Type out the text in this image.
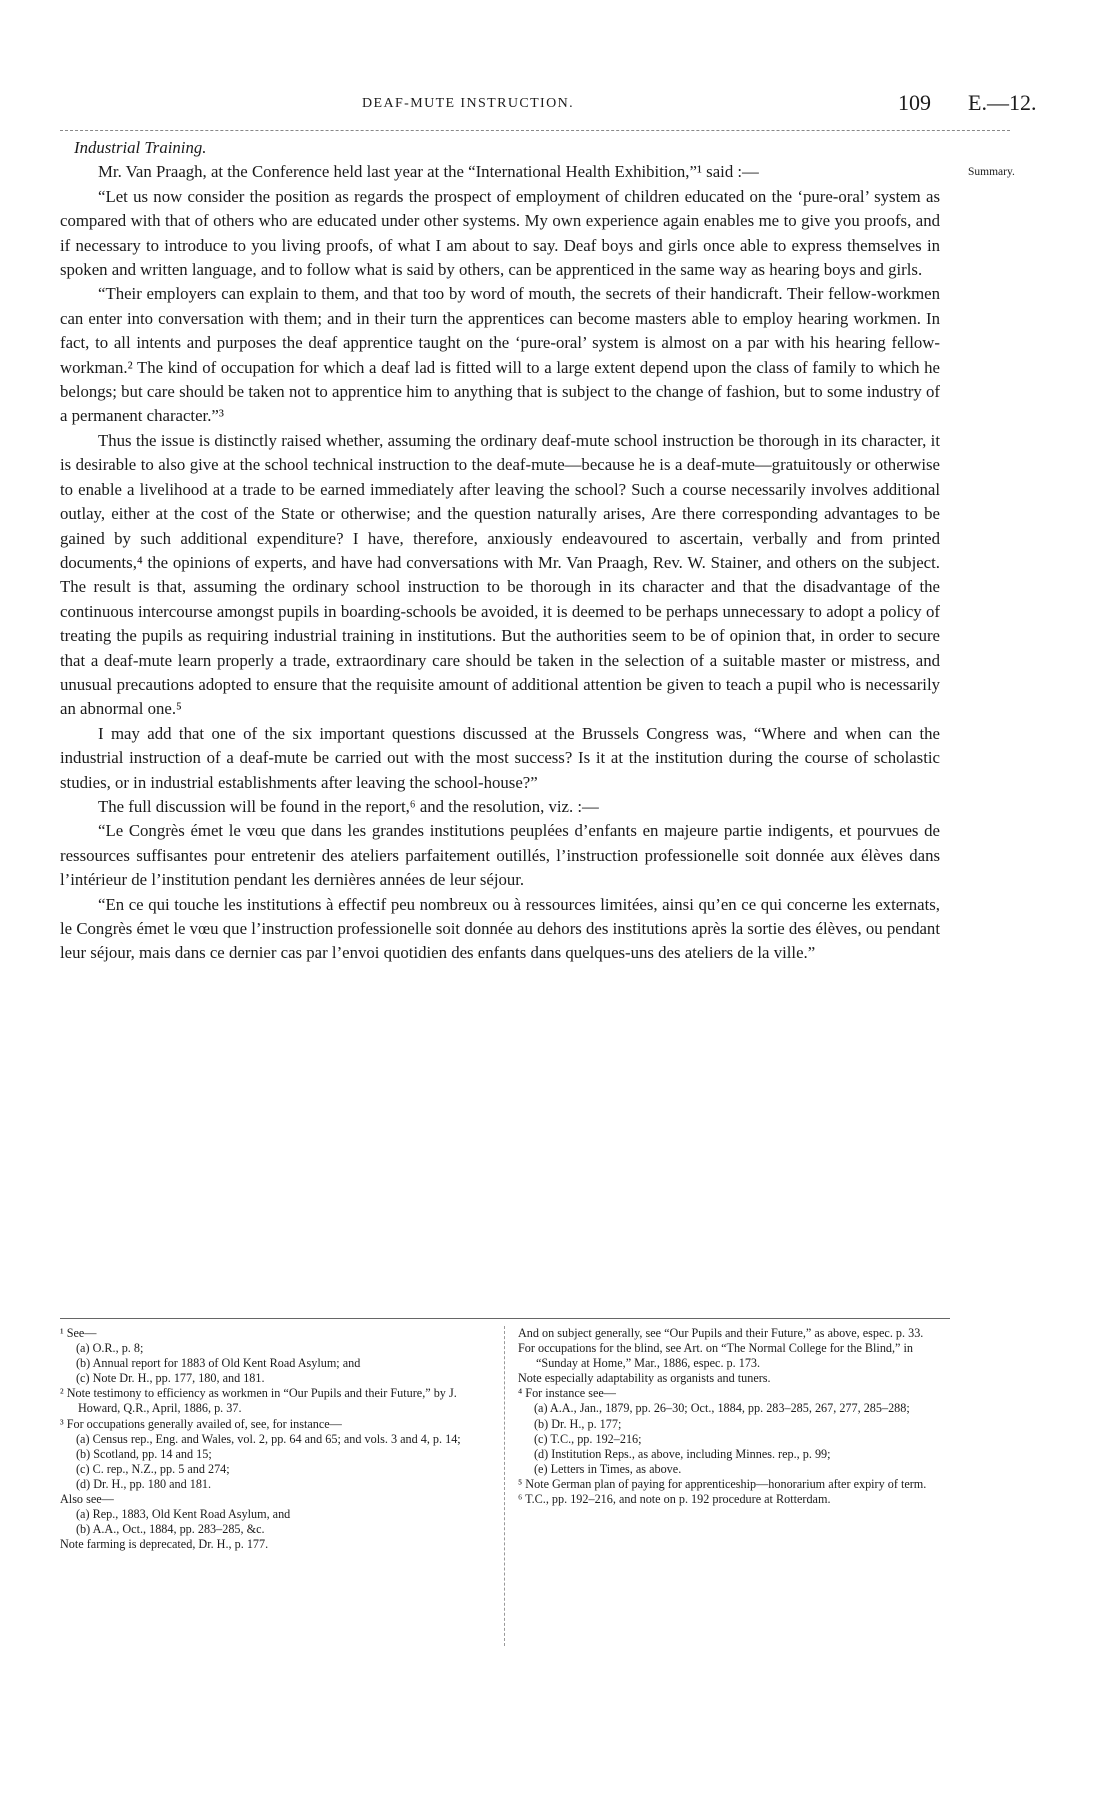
DEAF-MUTE INSTRUCTION.	109 E.—12.
Summary.

Industrial Training.

Mr. Van Praagh, at the Conference held last year at the “International Health Exhibition,”¹ said :—

“Let us now consider the position as regards the prospect of employment of children educated on the ‘pure-oral’ system as compared with that of others who are educated under other systems. My own experience again enables me to give you proofs, and if necessary to introduce to you living proofs, of what I am about to say. Deaf boys and girls once able to express themselves in spoken and written language, and to follow what is said by others, can be apprenticed in the same way as hearing boys and girls.

“Their employers can explain to them, and that too by word of mouth, the secrets of their handicraft. Their fellow-workmen can enter into conversation with them; and in their turn the apprentices can become masters able to employ hearing workmen. In fact, to all intents and purposes the deaf apprentice taught on the ‘pure-oral’ system is almost on a par with his hearing fellow-workman.² The kind of occupation for which a deaf lad is fitted will to a large extent depend upon the class of family to which he belongs; but care should be taken not to apprentice him to anything that is subject to the change of fashion, but to some industry of a permanent character.”³

Thus the issue is distinctly raised whether, assuming the ordinary deaf-mute school instruction be thorough in its character, it is desirable to also give at the school technical instruction to the deaf-mute—because he is a deaf-mute—gratuitously or otherwise to enable a livelihood at a trade to be earned immediately after leaving the school? Such a course necessarily involves additional outlay, either at the cost of the State or otherwise; and the question naturally arises, Are there corresponding advantages to be gained by such additional expenditure? I have, therefore, anxiously endeavoured to ascertain, verbally and from printed documents,⁴ the opinions of experts, and have had conversations with Mr. Van Praagh, Rev. W. Stainer, and others on the subject. The result is that, assuming the ordinary school instruction to be thorough in its character and that the disadvantage of the continuous intercourse amongst pupils in boarding-schools be avoided, it is deemed to be perhaps unnecessary to adopt a policy of treating the pupils as requiring industrial training in institutions. But the authorities seem to be of opinion that, in order to secure that a deaf-mute learn properly a trade, extraordinary care should be taken in the selection of a suitable master or mistress, and unusual precautions adopted to ensure that the requisite amount of additional attention be given to teach a pupil who is necessarily an abnormal one.⁵

I may add that one of the six important questions discussed at the Brussels Congress was, “Where and when can the industrial instruction of a deaf-mute be carried out with the most success? Is it at the institution during the course of scholastic studies, or in industrial establishments after leaving the school-house?”

The full discussion will be found in the report,⁶ and the resolution, viz. :—

“Le Congrès émet le vœu que dans les grandes institutions peuplées d’enfants en majeure partie indigents, et pourvues de ressources suffisantes pour entretenir des ateliers parfaitement outillés, l’instruction professionelle soit donnée aux élèves dans l’intérieur de l’institution pendant les dernières années de leur séjour.

“En ce qui touche les institutions à effectif peu nombreux ou à ressources limitées, ainsi qu’en ce qui concerne les externats, le Congrès émet le vœu que l’instruction professionelle soit donnée au dehors des institutions après la sortie des élèves, ou pendant leur séjour, mais dans ce dernier cas par l’envoi quotidien des enfants dans quelques-uns des ateliers de la ville.”

¹ See—

(a) O.R., p. 8;

(b) Annual report for 1883 of Old Kent Road Asylum; and

(c) Note Dr. H., pp. 177, 180, and 181.

² Note testimony to efficiency as workmen in “Our Pupils and their Future,” by J. Howard, Q.R., April, 1886, p. 37.

³ For occupations generally availed of, see, for instance—

(a) Census rep., Eng. and Wales, vol. 2, pp. 64 and 65; and vols. 3 and 4, p. 14;

(b) Scotland, pp. 14 and 15;

(c) C. rep., N.Z., pp. 5 and 274;

(d) Dr. H., pp. 180 and 181.

Also see—

(a) Rep., 1883, Old Kent Road Asylum, and

(b) A.A., Oct., 1884, pp. 283–285, &c.

Note farming is deprecated, Dr. H., p. 177.

And on subject generally, see “Our Pupils and their Future,” as above, espec. p. 33.

For occupations for the blind, see Art. on “The Normal College for the Blind,” in “Sunday at Home,” Mar., 1886, espec. p. 173.

Note especially adaptability as organists and tuners.

⁴ For instance see—

(a) A.A., Jan., 1879, pp. 26–30; Oct., 1884, pp. 283–285, 267, 277, 285–288;

(b) Dr. H., p. 177;

(c) T.C., pp. 192–216;

(d) Institution Reps., as above, including Minnes. rep., p. 99;

(e) Letters in Times, as above.

⁵ Note German plan of paying for apprenticeship—honorarium after expiry of term.

⁶ T.C., pp. 192–216, and note on p. 192 procedure at Rotterdam.
